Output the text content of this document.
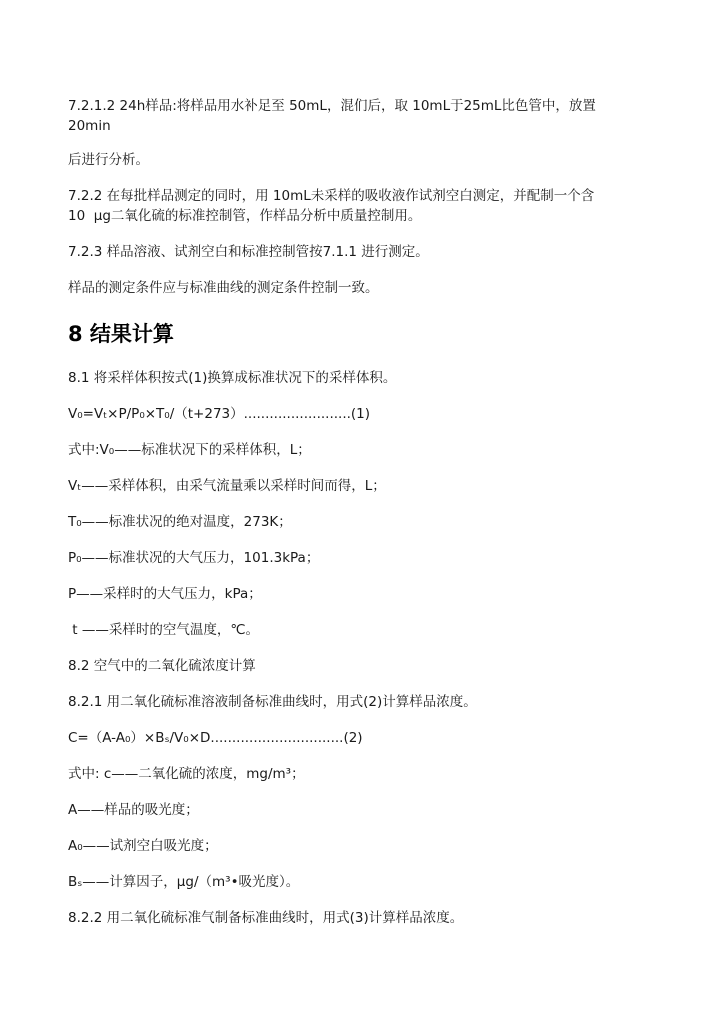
7.2.1.2 24h样品:将样品用水补足至 50mL，混们后，取 10mL于25mL比色管中，放置
20min
后进行分析。
7.2.2 在每批样品测定的同时，用 10mL未采样的吸收液作试剂空白测定，并配制一个含
10  μg二氧化硫的标准控制管，作样品分析中质量控制用。
7.2.3 样品溶液、试剂空白和标准控制管按7.1.1 进行测定。
样品的测定条件应与标准曲线的测定条件控制一致。
8 结果计算
8.1 将采样体积按式(1)换算成标准状况下的采样体积。
V₀=Vₜ×P/P₀×T₀/（t+273）.........................(1)
式中:V₀——标准状况下的采样体积，L；
Vₜ——采样体积，由采气流量乘以采样时间而得，L；
T₀——标准状况的绝对温度，273K；
P₀——标准状况的大气压力，101.3kPa；
P——采样时的大气压力，kPa；
t ——采样时的空气温度，℃。
8.2 空气中的二氧化硫浓度计算
8.2.1 用二氧化硫标准溶液制备标准曲线时，用式(2)计算样品浓度。
C=（A-A₀）×Bₛ/V₀×D...............................(2)
式中: c——二氧化硫的浓度，mg/m³；
A——样品的吸光度；
A₀——试剂空白吸光度；
Bₛ——计算因子，μg/（m³•吸光度）。
8.2.2 用二氧化硫标准气制备标准曲线时，用式(3)计算样品浓度。
